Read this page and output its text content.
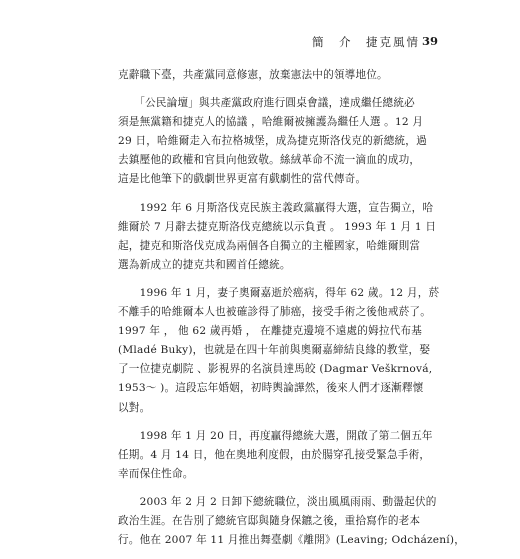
簡　介　捷克風情 39

克辭職下臺，共產黨同意修憲，放棄憲法中的領導地位。

　　「公民論壇」與共產黨政府進行圓桌會議，達成繼任總統必
須是無黨籍和捷克人的協議 ，哈維爾被擁護為繼任人選 。12 月
29 日，哈維爾走入布拉格城堡，成為捷克斯洛伐克的新總統，過
去鎮壓他的政權和官員向他致敬。絲絨革命不流一滴血的成功，
這是比他筆下的戲劇世界更富有戲劇性的當代傳奇。

　　1992 年 6 月斯洛伐克民族主義政黨贏得大選，宣告獨立，哈
維爾於 7 月辭去捷克斯洛伐克總統以示負責 。 1993 年 1 月 1 日
起，捷克和斯洛伐克成為兩個各自獨立的主權國家，哈維爾則當
選為新成立的捷克共和國首任總統。

　　1996 年 1 月，妻子奧爾嘉逝於癌病，得年 62 歲。12 月，菸
不離手的哈維爾本人也被確診得了肺癌，接受手術之後他戒菸了。
1997 年 ， 他 62 歲再婚 ， 在離捷克邊境不遠處的姆拉代布基
(Mladé Buky)，也就是在四十年前與奧爾嘉締結良緣的教堂，娶
了一位捷克劇院 、影視界的名演員達馬皎 (Dagmar Veškrnová,
1953～ )。這段忘年婚姻，初時輿論譁然，後來人們才逐漸釋懷
以對。

　　1998 年 1 月 20 日，再度贏得總統大選，開啟了第二個五年
任期。4 月 14 日，他在奧地利度假，由於腸穿孔接受緊急手術，
幸而保住性命。

　　2003 年 2 月 2 日卸下總統職位，淡出風風雨雨、動盪起伏的
政治生涯。在告別了總統官邸與隨身保鑣之後，重拾寫作的老本
行。他在 2007 年 11 月推出舞臺劇《離開》(Leaving; Odcházení)，
